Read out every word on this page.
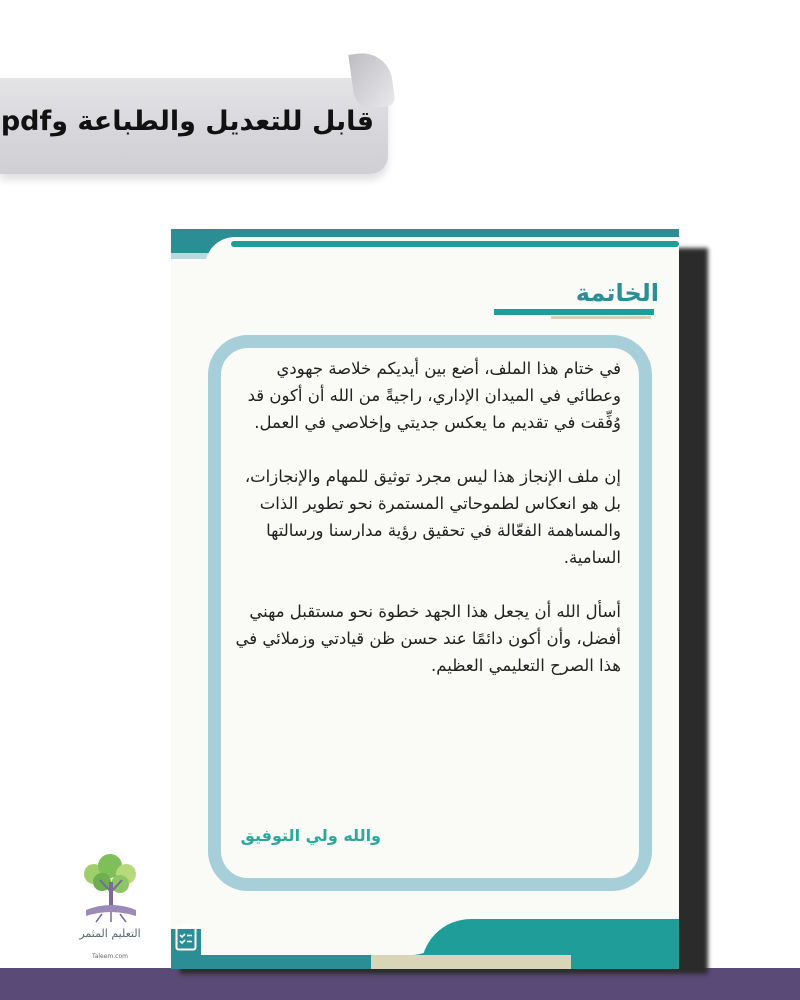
قابل للتعديل والطباعة وpdf
الخاتمة

في ختام هذا الملف، أضع بين أيديكم خلاصة جهودي وعطائي في الميدان الإداري، راجيةً من الله أن أكون قد وُفِّقت في تقديم ما يعكس جديتي وإخلاصي في العمل.

إن ملف الإنجاز هذا ليس مجرد توثيق للمهام والإنجازات، بل هو انعكاس لطموحاتي المستمرة نحو تطوير الذات والمساهمة الفعّالة في تحقيق رؤية مدارسنا ورسالتها السامية.

أسأل الله أن يجعل هذا الجهد خطوة نحو مستقبل مهني أفضل، وأن أكون دائمًا عند حسن ظن قيادتي وزملائي في هذا الصرح التعليمي العظيم.

والله ولي التوفيق
التعليم المثمر
Taleem.com
